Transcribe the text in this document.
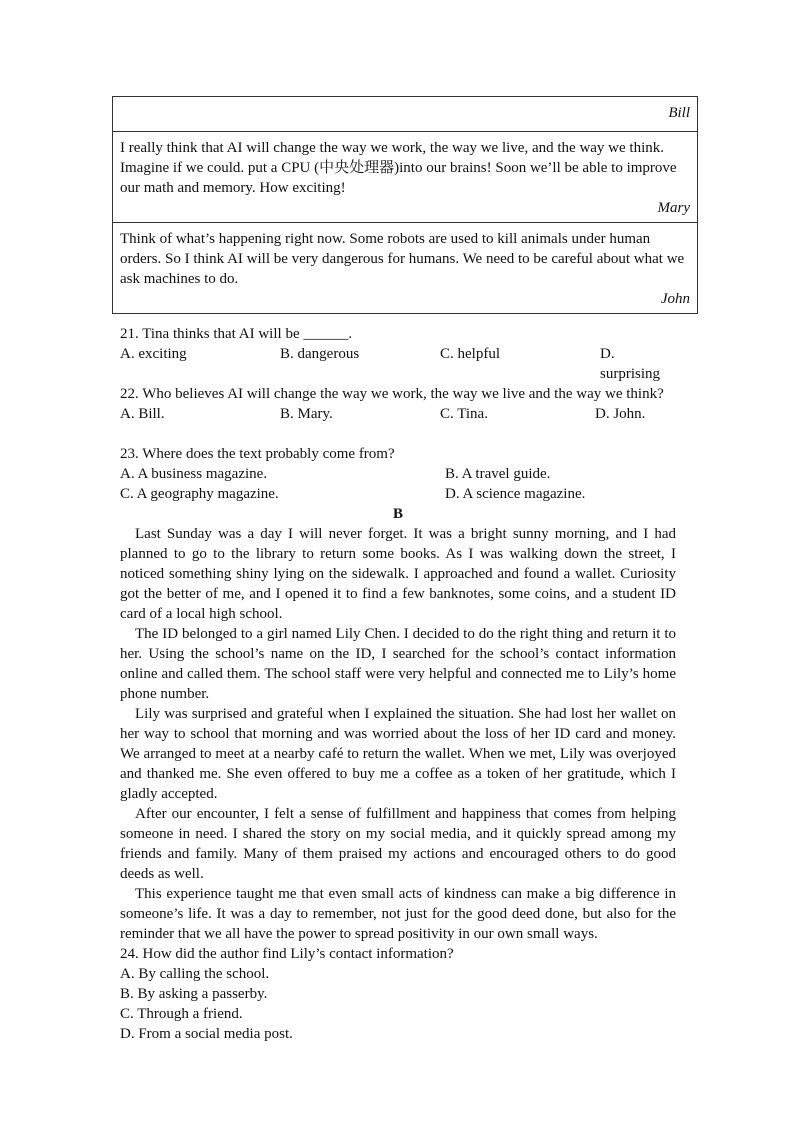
Bill
I really think that AI will change the way we work, the way we live, and the way we think. Imagine if we could. put a CPU (中央处理器)into our brains! Soon we’ll be able to improve our math and memory. How exciting!
Mary
Think of what’s happening right now. Some robots are used to kill animals under human orders. So I think AI will be very dangerous for humans. We need to be careful about what we ask machines to do.
John
21. Tina thinks that AI will be ______.
A. exciting	B. dangerous	C. helpful	D. surprising
22. Who believes AI will change the way we work, the way we live and the way we think?
A. Bill.	B. Mary.	C. Tina.	D. John.
23. Where does the text probably come from?
A. A business magazine.	B. A travel guide.
C. A geography magazine.	D. A science magazine.
B

Last Sunday was a day I will never forget. It was a bright sunny morning, and I had planned to go to the library to return some books. As I was walking down the street, I noticed something shiny lying on the sidewalk. I approached and found a wallet. Curiosity got the better of me, and I opened it to find a few banknotes, some coins, and a student ID card of a local high school.

The ID belonged to a girl named Lily Chen. I decided to do the right thing and return it to her. Using the school’s name on the ID, I searched for the school’s contact information online and called them. The school staff were very helpful and connected me to Lily’s home phone number.

Lily was surprised and grateful when I explained the situation. She had lost her wallet on her way to school that morning and was worried about the loss of her ID card and money. We arranged to meet at a nearby café to return the wallet. When we met, Lily was overjoyed and thanked me. She even offered to buy me a coffee as a token of her gratitude, which I gladly accepted.

After our encounter, I felt a sense of fulfillment and happiness that comes from helping someone in need. I shared the story on my social media, and it quickly spread among my friends and family. Many of them praised my actions and encouraged others to do good deeds as well.

This experience taught me that even small acts of kindness can make a big difference in someone’s life. It was a day to remember, not just for the good deed done, but also for the reminder that we all have the power to spread positivity in our own small ways.

24. How did the author find Lily’s contact information?
A. By calling the school.
B. By asking a passerby.
C. Through a friend.
D. From a social media post.
